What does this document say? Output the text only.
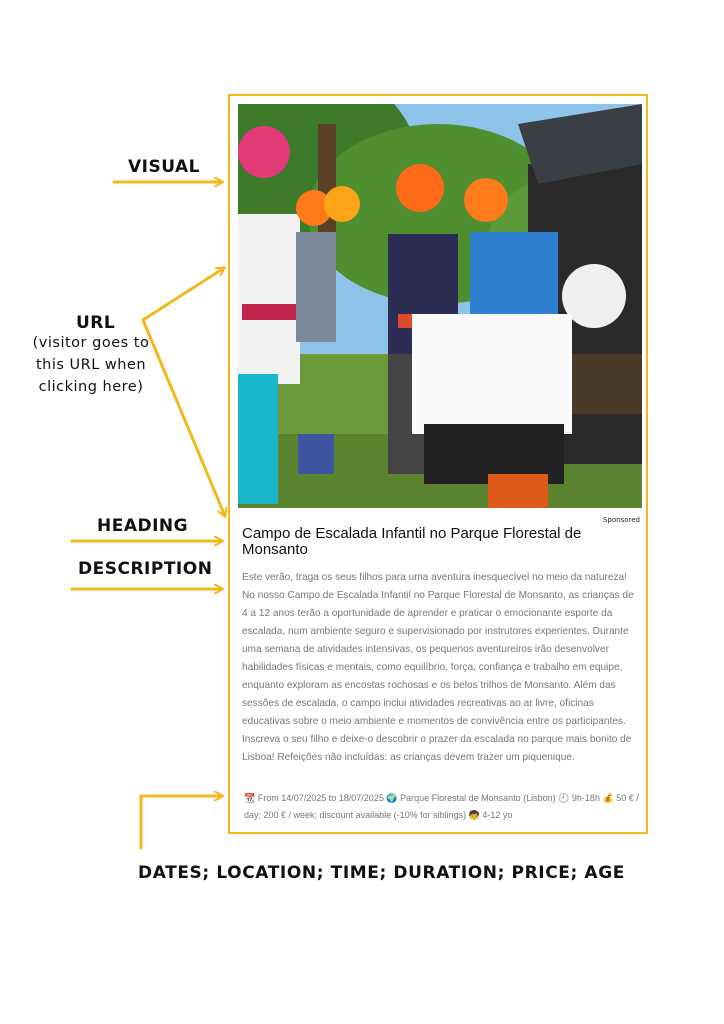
VISUAL
URL
(visitor goes to this URL when clicking here)
HEADING
DESCRIPTION
DATES; LOCATION; TIME; DURATION; PRICE; AGE
Sponsored
Campo de Escalada Infantil no Parque Florestal de Monsanto
Este verão, traga os seus filhos para uma aventura inesquecível no meio da natureza! No nosso Campo de Escalada Infantil no Parque Florestal de Monsanto, as crianças de 4 a 12 anos terão a oportunidade de aprender e praticar o emocionante esporte da escalada, num ambiente seguro e supervisionado por instrutores experientes. Durante uma semana de atividades intensivas, os pequenos aventureiros irão desenvolver habilidades físicas e mentais, como equilíbrio, força, confiança e trabalho em equipe, enquanto exploram as encostas rochosas e os belos trilhos de Monsanto. Além das sessões de escalada, o campo inclui atividades recreativas ao ar livre, oficinas educativas sobre o meio ambiente e momentos de convivência entre os participantes. Inscreva o seu filho e deixe-o descobrir o prazer da escalada no parque mais bonito de Lisboa! Refeições não incluídas: as crianças devem trazer um piquenique.
📆 From 14/07/2025 to 18/07/2025 🌍 Parque Florestal de Monsanto (Lisbon) 🕘 9h-18h 💰 50 € / day; 200 € / week; discount available (-10% for siblings) 🧒 4-12 yo
